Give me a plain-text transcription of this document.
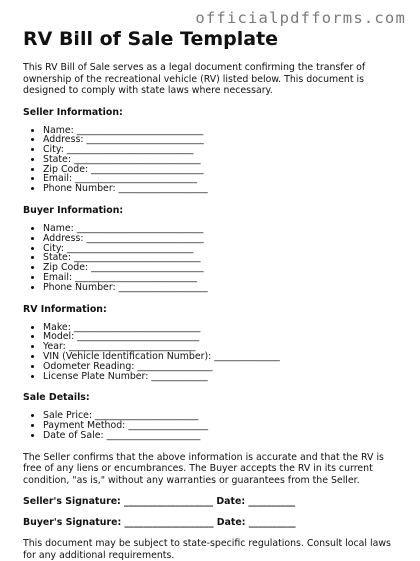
officialpdfforms.com
RV Bill of Sale Template

This RV Bill of Sale serves as a legal document confirming the transfer of ownership of the recreational vehicle (RV) listed below. This document is designed to comply with state laws where necessary.

Seller Information:
• Name: ___________________________
• Address: _________________________
• City: ___________________________
• State: ___________________________
• Zip Code: ________________________
• Email: __________________________
• Phone Number: ___________________
Buyer Information:
• Name: ___________________________
• Address: _________________________
• City: ___________________________
• State: ___________________________
• Zip Code: ________________________
• Email: __________________________
• Phone Number: ___________________
RV Information:
• Make: ___________________________
• Model: __________________________
• Year: ___________________________
• VIN (Vehicle Identification Number): ______________
• Odometer Reading: ________________
• License Plate Number: ____________
Sale Details:
• Sale Price: ______________________
• Payment Method: _________________
• Date of Sale: ____________________

The Seller confirms that the above information is accurate and that the RV is free of any liens or encumbrances. The Buyer accepts the RV in its current condition, "as is," without any warranties or guarantees from the Seller.

Seller's Signature: ___________________ Date: __________
Buyer's Signature: ___________________ Date: __________

This document may be subject to state-specific regulations. Consult local laws for any additional requirements.
